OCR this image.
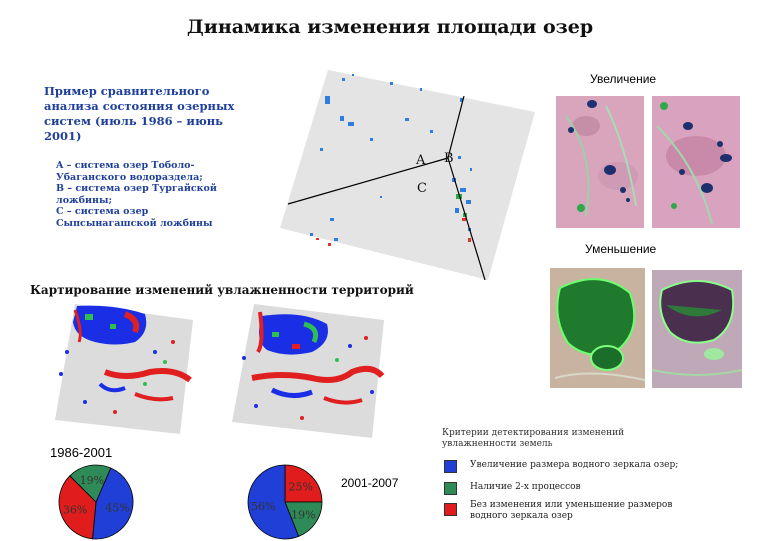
Динамика изменения площади озер
Пример сравнительного анализа состояния озерных систем (июль 1986 – июнь 2001)
A – система озер Тоболо-Убаганского водораздела;
B – система озер Тургайской ложбины;
C – система озер Сыпсынагашской ложбины
A B
C
Увеличение
Уменьшение
Картирование изменений увлажненности территорий
1986-2001
2001-2007
45%
36%
19%	25%
19%
56%
Критерии детектирования изменений увлажненности земель
Увеличение размера водного зеркала озер;
Наличие 2-х процессов
Без изменения или уменьшение размеров водного зеркала озер
